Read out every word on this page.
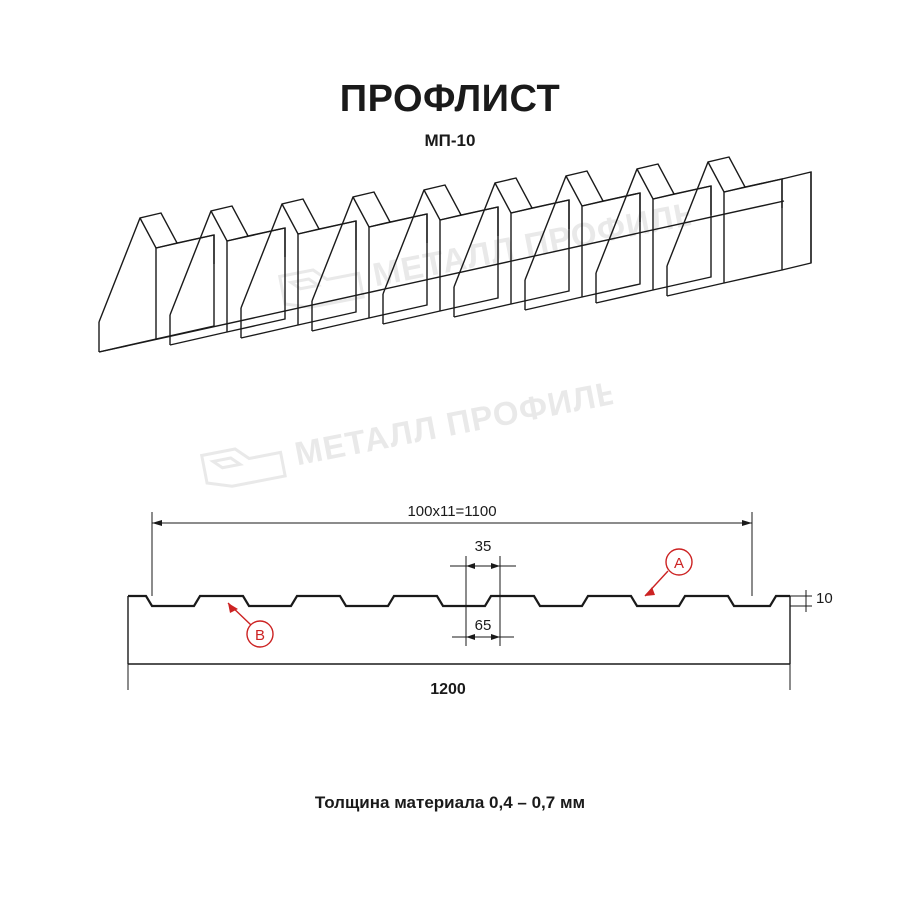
ПРОФЛИСТ
МП-10
МЕТАЛЛ ПРОФИЛЬ
МЕТАЛЛ ПРОФИЛЬ
100x11=1100
35
65
10
1200
A
B
Толщина материала 0,4 – 0,7 мм
